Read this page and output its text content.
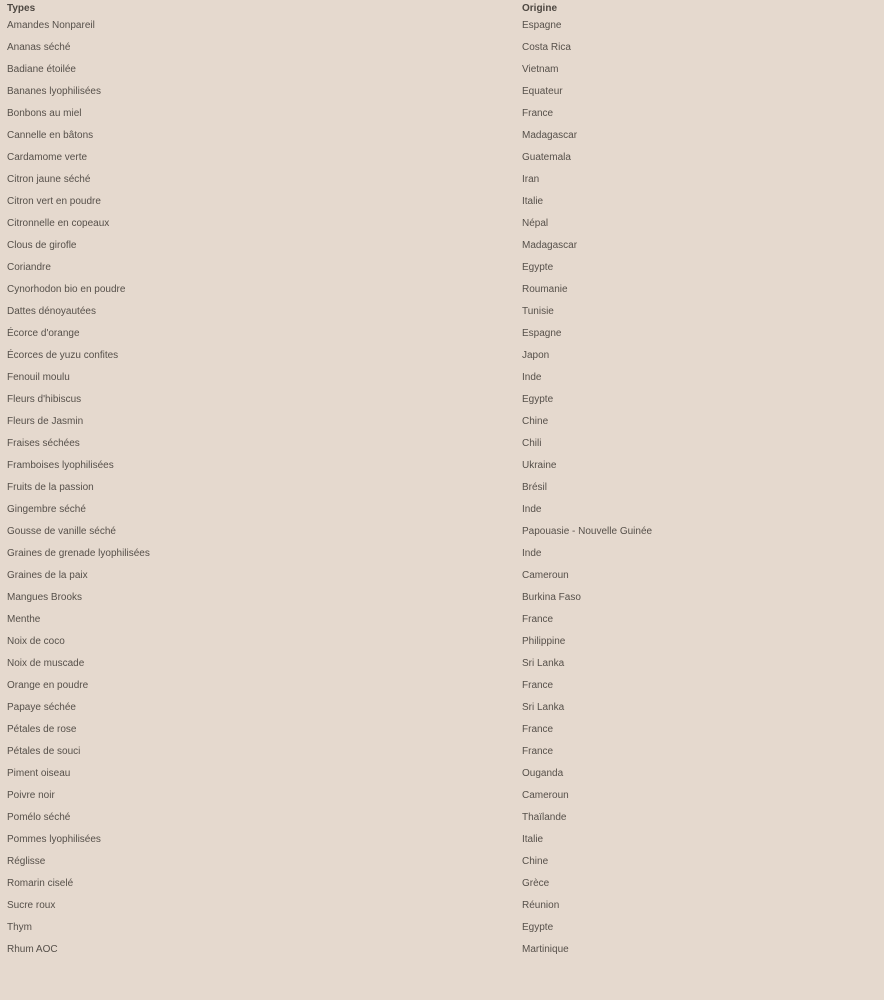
Types	Origine
Amandes Nonpareil	Espagne
Ananas séché	Costa Rica
Badiane étoilée	Vietnam
Bananes lyophilisées	Equateur
Bonbons au miel	France
Cannelle en bâtons	Madagascar
Cardamome verte	Guatemala
Citron jaune séché	Iran
Citron vert en poudre	Italie
Citronnelle en copeaux	Népal
Clous de girofle	Madagascar
Coriandre	Egypte
Cynorhodon bio en poudre	Roumanie
Dattes dénoyautées	Tunisie
Écorce d'orange	Espagne
Écorces de yuzu confites	Japon
Fenouil moulu	Inde
Fleurs d'hibiscus	Egypte
Fleurs de Jasmin	Chine
Fraises séchées	Chili
Framboises lyophilisées	Ukraine
Fruits de la passion	Brésil
Gingembre séché	Inde
Gousse de vanille séché	Papouasie - Nouvelle Guinée
Graines de grenade lyophilisées	Inde
Graines de la paix	Cameroun
Mangues Brooks	Burkina Faso
Menthe	France
Noix de coco	Philippine
Noix de muscade	Sri Lanka
Orange en poudre	France
Papaye séchée	Sri Lanka
Pétales de rose	France
Pétales de souci	France
Piment oiseau	Ouganda
Poivre noir	Cameroun
Pomélo séché	Thaïlande
Pommes lyophilisées	Italie
Réglisse	Chine
Romarin ciselé	Grèce
Sucre roux	Réunion
Thym	Egypte
Rhum AOC	Martinique
